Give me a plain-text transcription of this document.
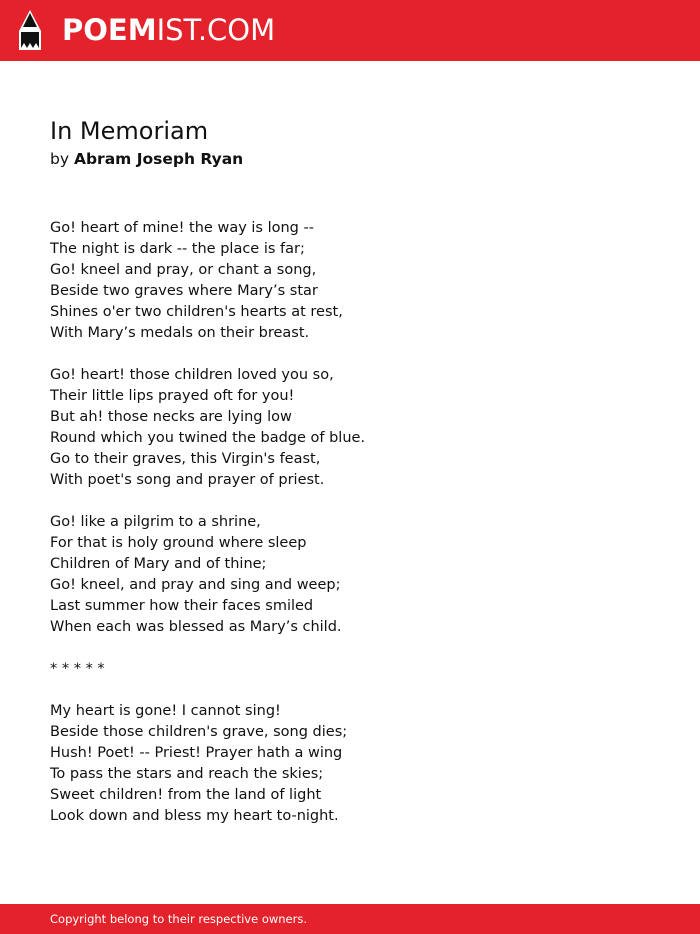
POEMIST.COM
In Memoriam
by Abram Joseph Ryan
Go! heart of mine! the way is long --
The night is dark -- the place is far;
Go! kneel and pray, or chant a song,
Beside two graves where Mary’s star
Shines o'er two children's hearts at rest,
With Mary’s medals on their breast.
Go! heart! those children loved you so,
Their little lips prayed oft for you!
But ah! those necks are lying low
Round which you twined the badge of blue.
Go to their graves, this Virgin's feast,
With poet's song and prayer of priest.
Go! like a pilgrim to a shrine,
For that is holy ground where sleep
Children of Mary and of thine;
Go! kneel, and pray and sing and weep;
Last summer how their faces smiled
When each was blessed as Mary’s child.
* * * * *
My heart is gone! I cannot sing!
Beside those children's grave, song dies;
Hush! Poet! -- Priest! Prayer hath a wing
To pass the stars and reach the skies;
Sweet children! from the land of light
Look down and bless my heart to-night.
Copyright belong to their respective owners.
